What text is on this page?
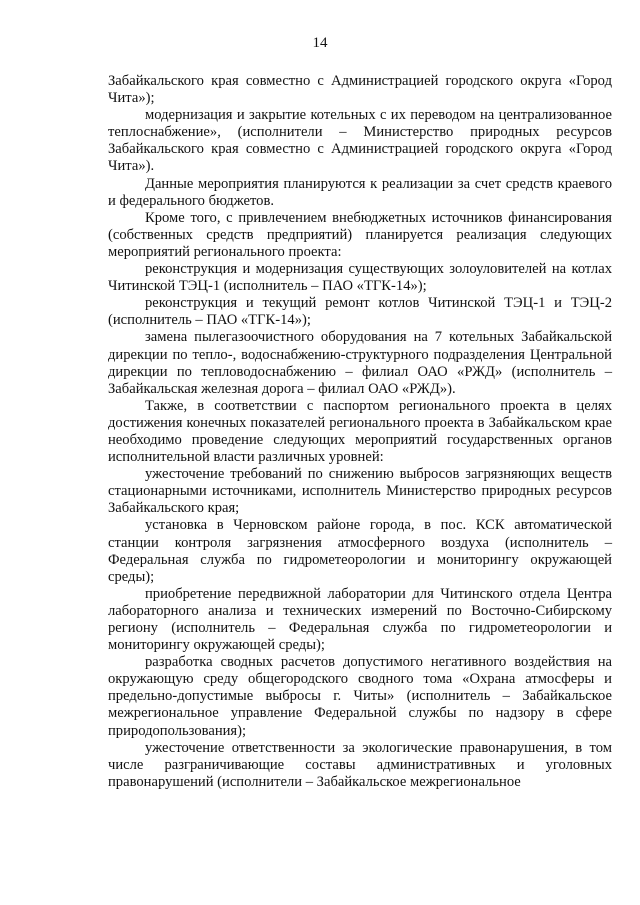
14

Забайкальского края совместно с Администрацией городского округа «Город Чита»);

модернизация и закрытие котельных с их переводом на централизованное теплоснабжение», (исполнители – Министерство природных ресурсов Забайкальского края совместно с Администрацией городского округа «Город Чита»).

Данные мероприятия планируются к реализации за счет средств краевого и федерального бюджетов.

Кроме того, с привлечением внебюджетных источников финансирования (собственных средств предприятий) планируется реализация следующих мероприятий регионального проекта:

реконструкция и модернизация существующих золоуловителей на котлах Читинской ТЭЦ-1 (исполнитель – ПАО «ТГК-14»);

реконструкция и текущий ремонт котлов Читинской ТЭЦ-1 и ТЭЦ-2 (исполнитель – ПАО «ТГК-14»);

замена пылегазоочистного оборудования на 7 котельных Забайкальской дирекции по тепло-, водоснабжению-структурного подразделения Центральной дирекции по тепловодоснабжению – филиал ОАО «РЖД» (исполнитель – Забайкальская железная дорога – филиал ОАО «РЖД»).

Также, в соответствии с паспортом регионального проекта в целях достижения конечных показателей регионального проекта в Забайкальском крае необходимо проведение следующих мероприятий государственных органов исполнительной власти различных уровней:

ужесточение требований по снижению выбросов загрязняющих веществ стационарными источниками, исполнитель Министерство природных ресурсов Забайкальского края;

установка в Черновском районе города, в пос. КСК автоматической станции контроля загрязнения атмосферного воздуха (исполнитель – Федеральная служба по гидрометеорологии и мониторингу окружающей среды);

приобретение передвижной лаборатории для Читинского отдела Центра лабораторного анализа и технических измерений по Восточно-Сибирскому региону (исполнитель – Федеральная служба по гидрометеорологии и мониторингу окружающей среды);

разработка сводных расчетов допустимого негативного воздействия на окружающую среду общегородского сводного тома «Охрана атмосферы и предельно-допустимые выбросы г. Читы» (исполнитель – Забайкальское межрегиональное управление Федеральной службы по надзору в сфере природопользования);

ужесточение ответственности за экологические правонарушения, в том числе разграничивающие составы административных и уголовных правонарушений (исполнители – Забайкальское межрегиональное
